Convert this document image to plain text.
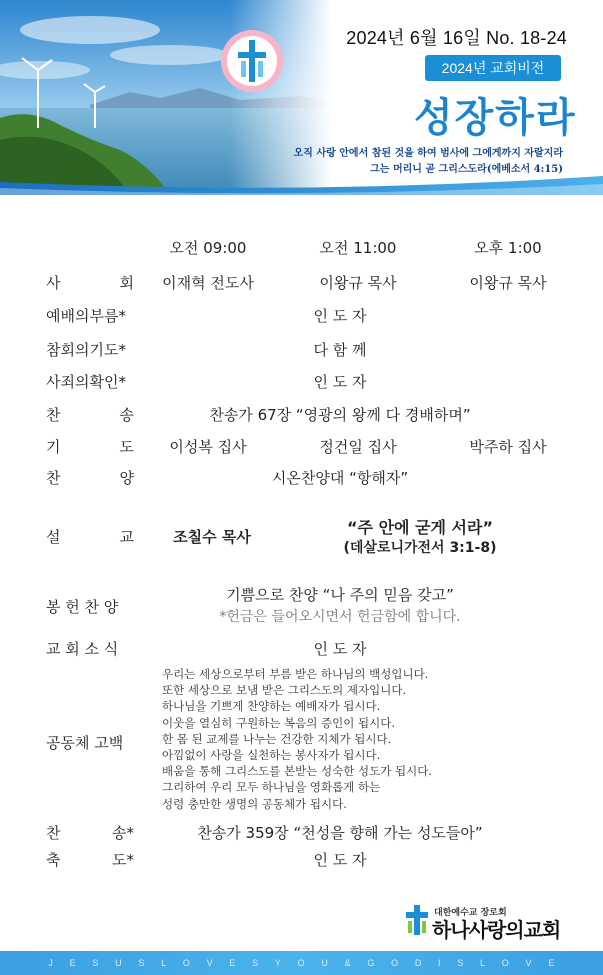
2024년 6월 16일 No. 18-24
2024년 교회비전
성장하라
오직 사랑 안에서 참된 것을 하여 범사에 그에게까지 자랄지라
그는 머리니 곧 그리스도라(에베소서 4:15)
오전 09:00	오전 11:00	오후 1:00
사	회	이재혁 전도사	이왕규 목사	이왕규 목사
예배의부름*	인 도 자
참회의기도*	다 함 께
사죄의확인*	인 도 자
찬	송	찬송가 67장 “영광의 왕께 다 경배하며”
기	도	이성복 집사	정건일 집사	박주하 집사
찬	양	시온찬양대 “항해자”
설	교	조칠수 목사	“주 안에 굳게 서라”
(데살로니가전서 3:1-8)
봉 헌 찬 양
기쁨으로 찬양 “나 주의 믿음 갖고”
*헌금은 들어오시면서 헌금함에 합니다.
교 회 소 식	인 도 자
공동체 고백
우리는 세상으로부터 부름 받은 하나님의 백성입니다.
또한 세상으로 보냄 받은 그리스도의 제자입니다.
하나님을 기쁘게 찬양하는 예배자가 됩시다.
이웃을 열심히 구원하는 복음의 증인이 됩시다.
한 몸 된 교제를 나누는 건강한 지체가 됩시다.
아낌없이 사랑을 실천하는 봉사자가 됩시다.
배움을 통해 그리스도를 본받는 성숙한 성도가 됩시다.
그리하여 우리 모두 하나님을 영화롭게 하는
성령 충만한 생명의 공동체가 됩시다.
찬	송*	찬송가 359장 “천성을 향해 가는 성도들아”
축	도*	인 도 자
대한예수교 장로회
하나사랑의교회
J E S U S L O V E S Y O U & G O D I S L O V E
